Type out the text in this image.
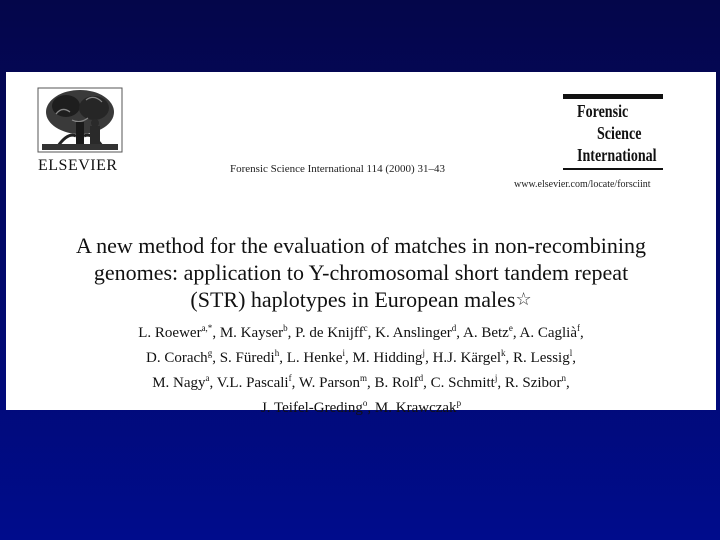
ELSEVIER	Forensic Science International 114 (2000) 31–43
Forensic
Science
International
www.elsevier.com/locate/forsciint
A new method for the evaluation of matches in non-recombining
genomes: application to Y-chromosomal short tandem repeat
(STR) haplotypes in European males☆
L. Roewer$^{a,*}$, M. Kayser$^b$, P. de Knijff$^c$, K. Anslinger$^d$, A. Betz$^e$, A. Caglià$^f$,
D. Corach$^g$, S. Füredi$^h$, L. Henke$^i$, M. Hidding$^j$, H.J. Kärgel$^k$, R. Lessig$^l$,
M. Nagy$^a$, V.L. Pascali$^f$, W. Parson$^m$, B. Rolf$^d$, C. Schmitt$^j$, R. Szibor$^n$,
J. Teifel-Greding$^o$, M. Krawczak$^p$
